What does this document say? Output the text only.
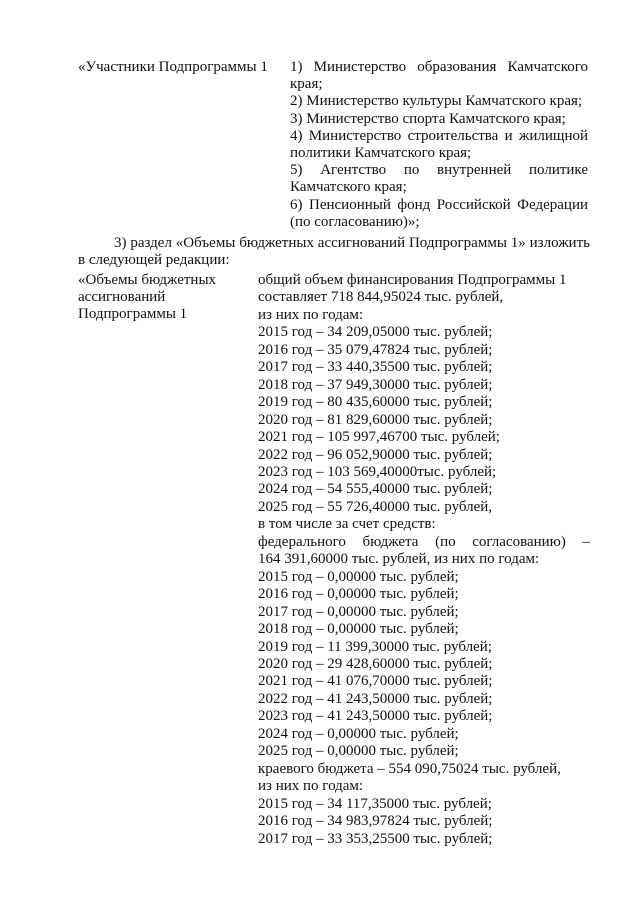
«Участники Подпрограммы 1 1) Министерство образования Камчатского края;
2) Министерство культуры Камчатского края;
3) Министерство спорта Камчатского края;
4) Министерство строительства и жилищной политики Камчатского края;
5) Агентство по внутренней политике Камчатского края;
6) Пенсионный фонд Российской Федерации (по согласованию)»;

3) раздел «Объемы бюджетных ассигнований Подпрограммы 1» изложить в следующей редакции:

«Объемы бюджетных
ассигнований
Подпрограммы 1
общий объем финансирования Подпрограммы 1
составляет 718 844,95024 тыс. рублей,
из них по годам:
2015 год – 34 209,05000 тыс. рублей;
2016 год – 35 079,47824 тыс. рублей;
2017 год – 33 440,35500 тыс. рублей;
2018 год – 37 949,30000 тыс. рублей;
2019 год – 80 435,60000 тыс. рублей;
2020 год – 81 829,60000 тыс. рублей;
2021 год – 105 997,46700 тыс. рублей;
2022 год – 96 052,90000 тыс. рублей;
2023 год – 103 569,40000тыс. рублей;
2024 год – 54 555,40000 тыс. рублей;
2025 год – 55 726,40000 тыс. рублей,
в том числе за счет средств:
федерального бюджета (по согласованию) –
164 391,60000 тыс. рублей, из них по годам:
2015 год – 0,00000 тыс. рублей;
2016 год – 0,00000 тыс. рублей;
2017 год – 0,00000 тыс. рублей;
2018 год – 0,00000 тыс. рублей;
2019 год – 11 399,30000 тыс. рублей;
2020 год – 29 428,60000 тыс. рублей;
2021 год – 41 076,70000 тыс. рублей;
2022 год – 41 243,50000 тыс. рублей;
2023 год – 41 243,50000 тыс. рублей;
2024 год – 0,00000 тыс. рублей;
2025 год – 0,00000 тыс. рублей;
краевого бюджета – 554 090,75024 тыс. рублей,
из них по годам:
2015 год – 34 117,35000 тыс. рублей;
2016 год – 34 983,97824 тыс. рублей;
2017 год – 33 353,25500 тыс. рублей;
